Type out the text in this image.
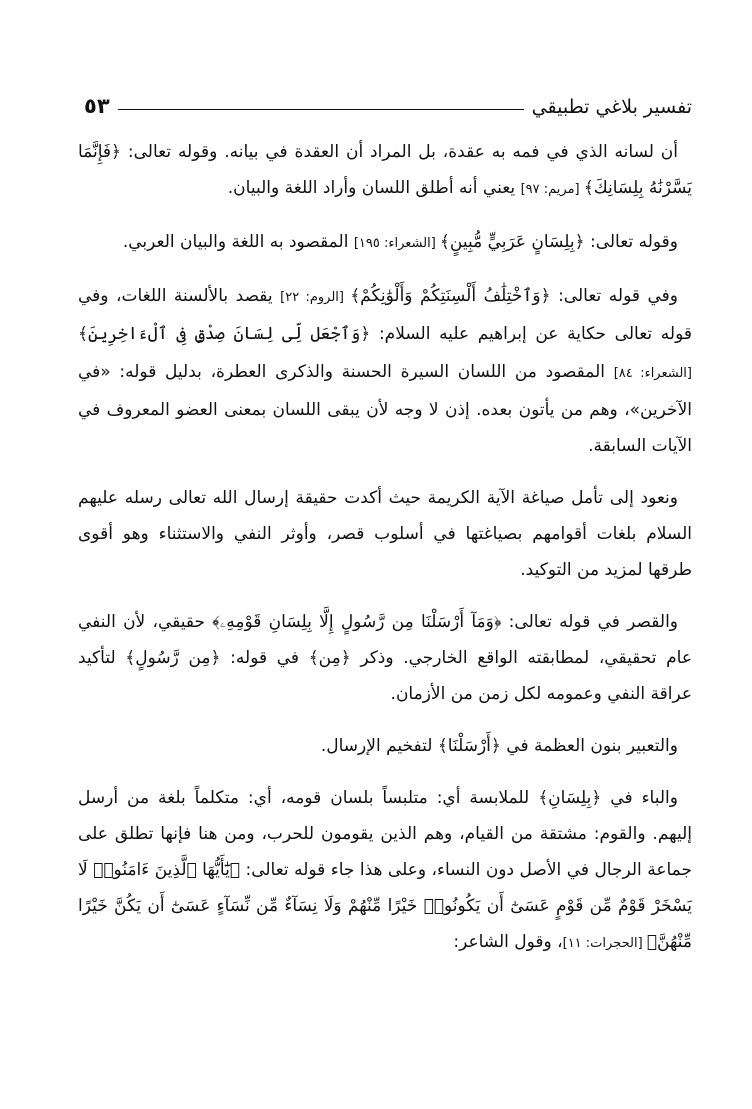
تفسير بلاغي تطبيقي
٥٣

أن لسانه الذي في فمه به عقدة، بل المراد أن العقدة في بيانه. وقوله تعالى: ﴿فَإِنَّمَا يَسَّرْنَٰهُ بِلِسَانِكَ﴾ [مريم: ٩٧] يعني أنه أطلق اللسان وأراد اللغة والبيان.

وقوله تعالى: ﴿بِلِسَانٍ عَرَبِيٍّ مُّبِينٍ﴾ [الشعراء: ١٩٥] المقصود به اللغة والبيان العربي.

وفي قوله تعالى: ﴿وَٱخْتِلَٰفُ أَلْسِنَتِكُمْ وَأَلْوَٰنِكُمْ﴾ [الروم: ٢٢] يقصد بالألسنة اللغات، وفي قوله تعالى حكاية عن إبراهيم عليه السلام: ﴿وَٱجْعَل لِّى لِسَانَ صِدْقٍ فِى ٱلْءَاخِرِينَ﴾ [الشعراء: ٨٤] المقصود من اللسان السيرة الحسنة والذكرى العطرة، بدليل قوله: «في الآخرين»، وهم من يأتون بعده. إذن لا وجه لأن يبقى اللسان بمعنى العضو المعروف في الآيات السابقة.

ونعود إلى تأمل صياغة الآية الكريمة حيث أكدت حقيقة إرسال الله تعالى رسله عليهم السلام بلغات أقوامهم بصياغتها في أسلوب قصر، وأوثر النفي والاستثناء وهو أقوى طرقها لمزيد من التوكيد.

والقصر في قوله تعالى: ﴿وَمَآ أَرْسَلْنَا مِن رَّسُولٍ إِلَّا بِلِسَانِ قَوْمِهِۦ﴾ حقيقي، لأن النفي عام تحقيقي، لمطابقته الواقع الخارجي. وذكر ﴿مِن﴾ في قوله: ﴿مِن رَّسُولٍ﴾ لتأكيد عراقة النفي وعمومه لكل زمن من الأزمان.

والتعبير بنون العظمة في ﴿أَرْسَلْنَا﴾ لتفخيم الإرسال.

والباء في ﴿بِلِسَانِ﴾ للملابسة أي: متلبساً بلسان قومه، أي: متكلماً بلغة من أرسل إليهم. والقوم: مشتقة من القيام، وهم الذين يقومون للحرب، ومن هنا فإنها تطلق على جماعة الرجال في الأصل دون النساء، وعلى هذا جاء قوله تعالى: ﴿يَٰٓأَيُّهَا ٱلَّذِينَ ءَامَنُوا۟ لَا يَسْخَرْ قَوْمٌ مِّن قَوْمٍ عَسَىٰٓ أَن يَكُونُوا۟ خَيْرًا مِّنْهُمْ وَلَا نِسَآءٌ مِّن نِّسَآءٍ عَسَىٰٓ أَن يَكُنَّ خَيْرًا مِّنْهُنَّ﴾ [الحجرات: ١١]، وقول الشاعر:
